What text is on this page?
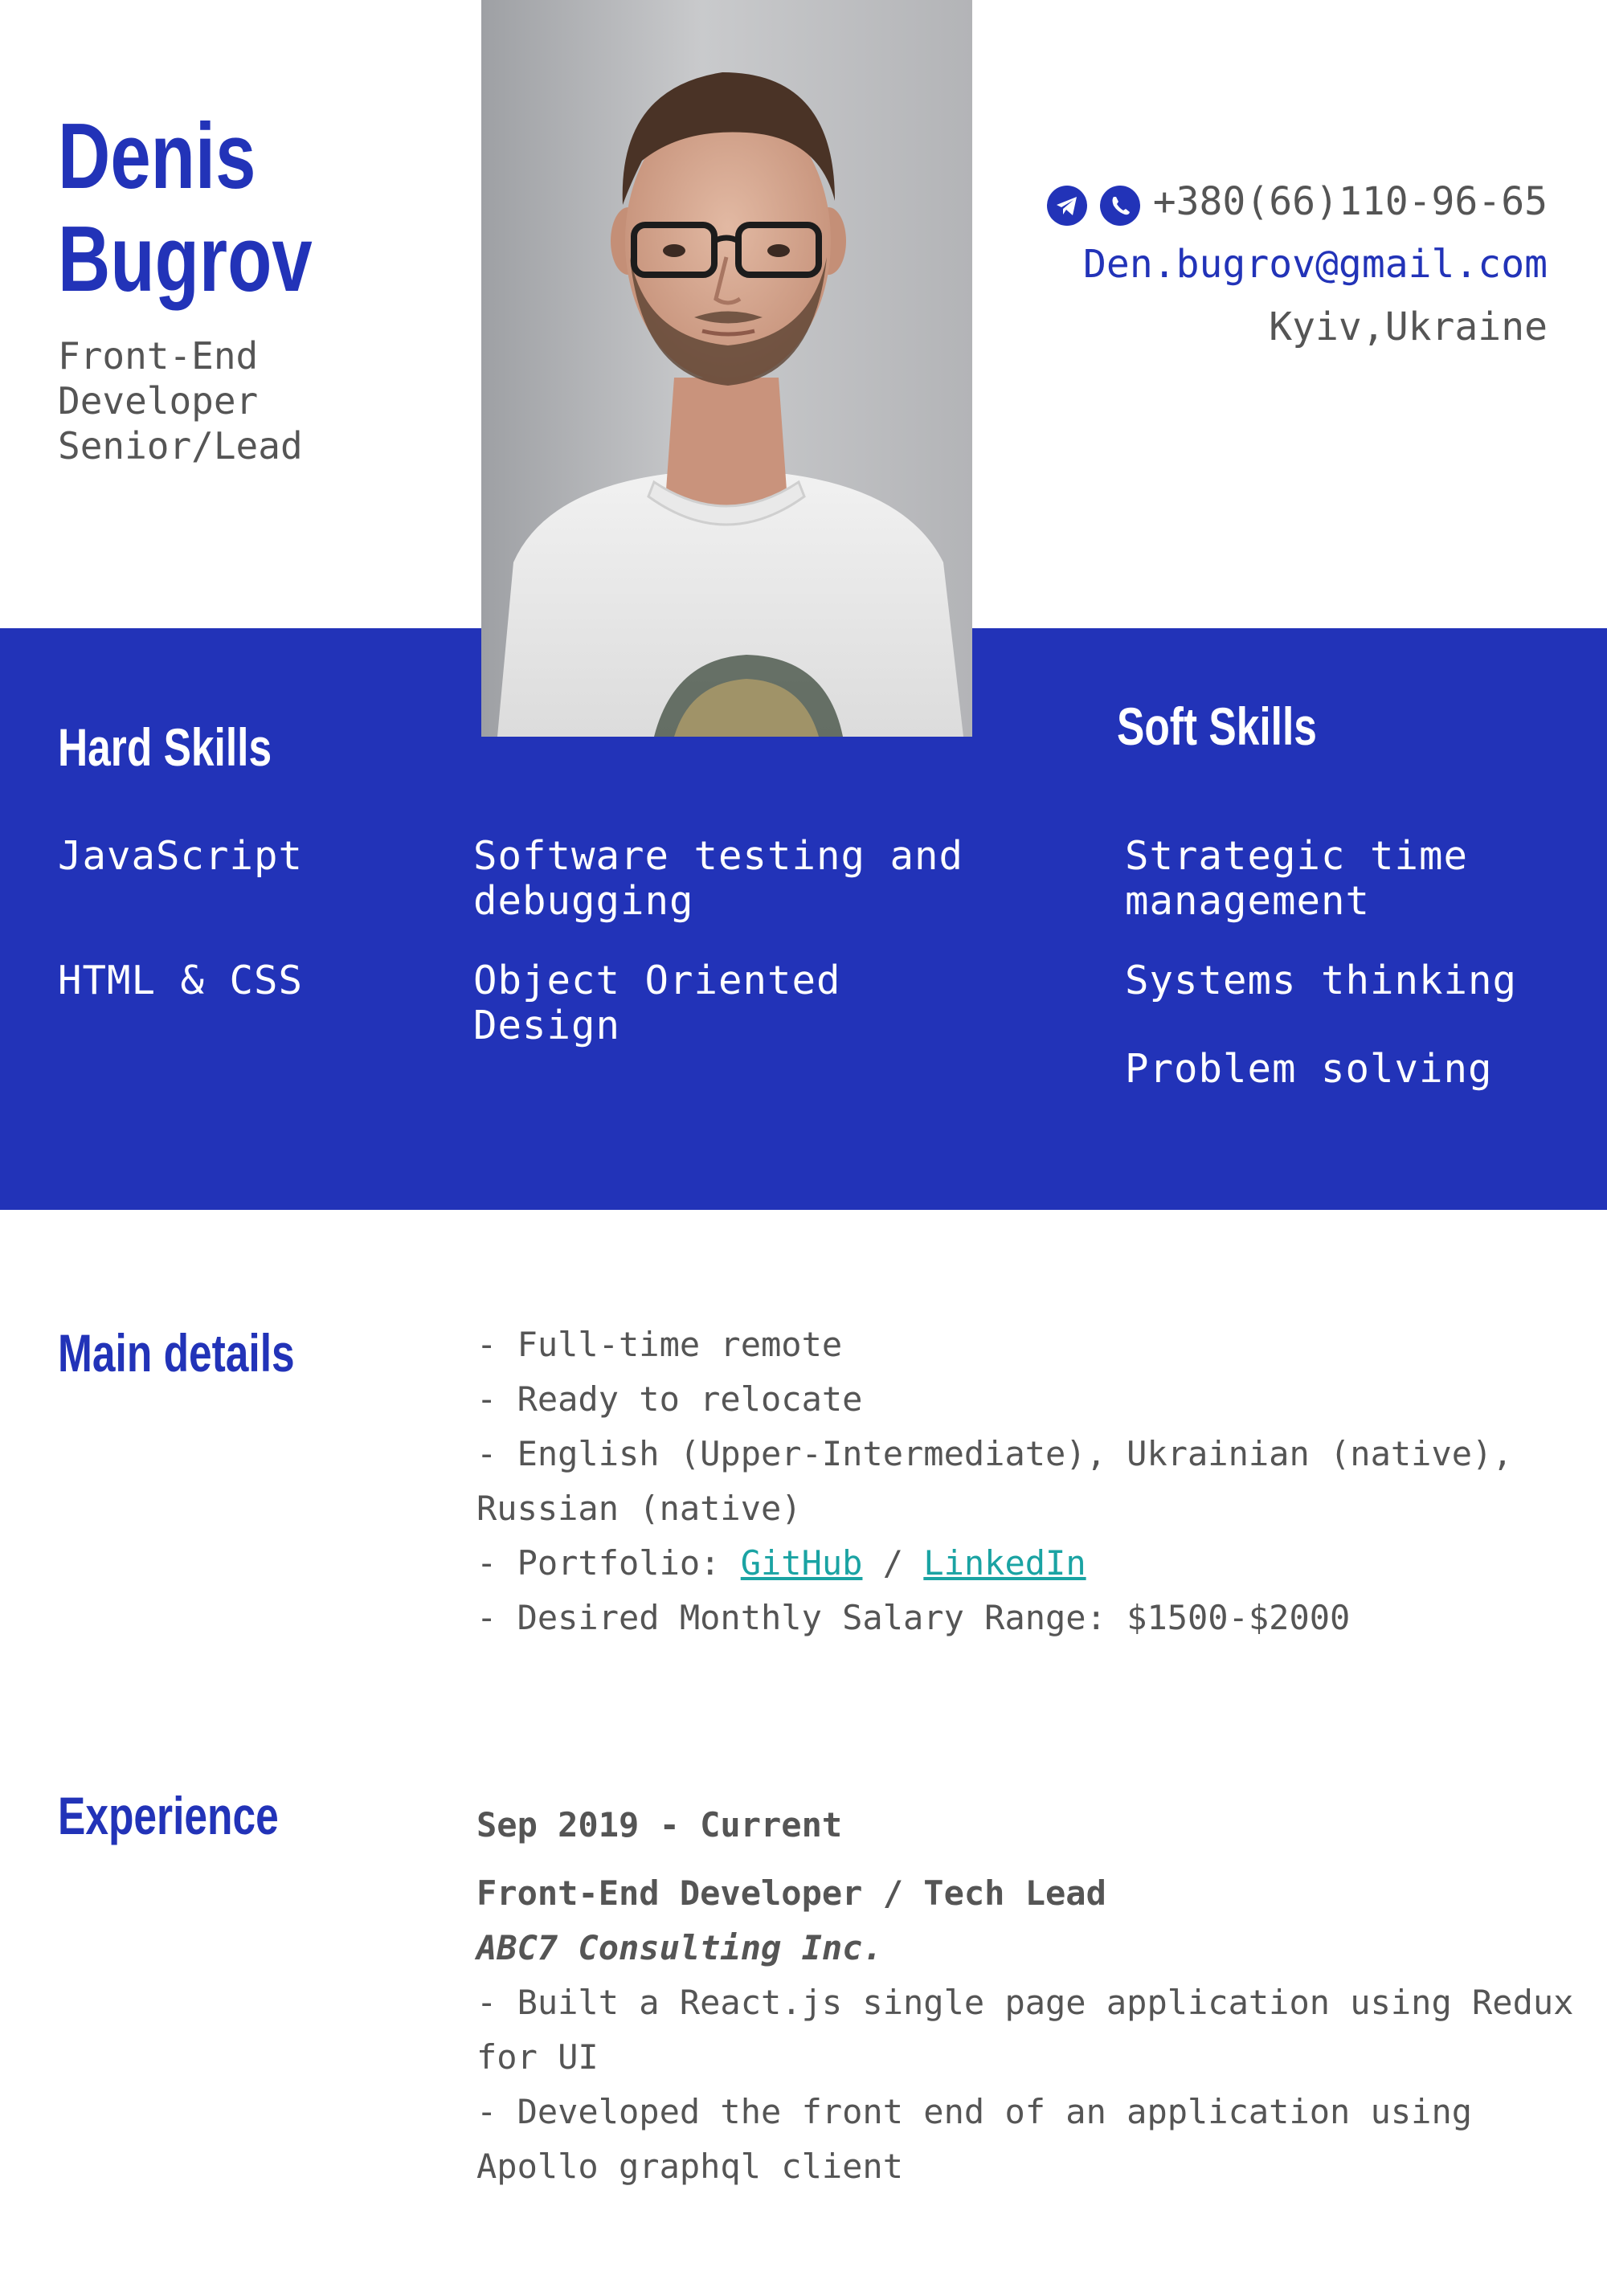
Denis
Bugrov
Front-End
Developer
Senior/Lead
+380(66)110-96-65
Den.bugrov@gmail.com
Kyiv,Ukraine
Hard Skills
JavaScript
HTML & CSS
Software testing and
debugging
Object Oriented
Design
Soft Skills
Strategic time
management
Systems thinking
Problem solving
Main details	- Full-time remote
- Ready to relocate
- English (Upper-Intermediate), Ukrainian (native),
Russian (native)
- Portfolio: GitHub / LinkedIn
- Desired Monthly Salary Range: $1500-$2000
Experience	Sep 2019 - Current
Front-End Developer / Tech Lead
ABC7 Consulting Inc.
- Built a React.js single page application using Redux
for UI
- Developed the front end of an application using
Apollo graphql client
